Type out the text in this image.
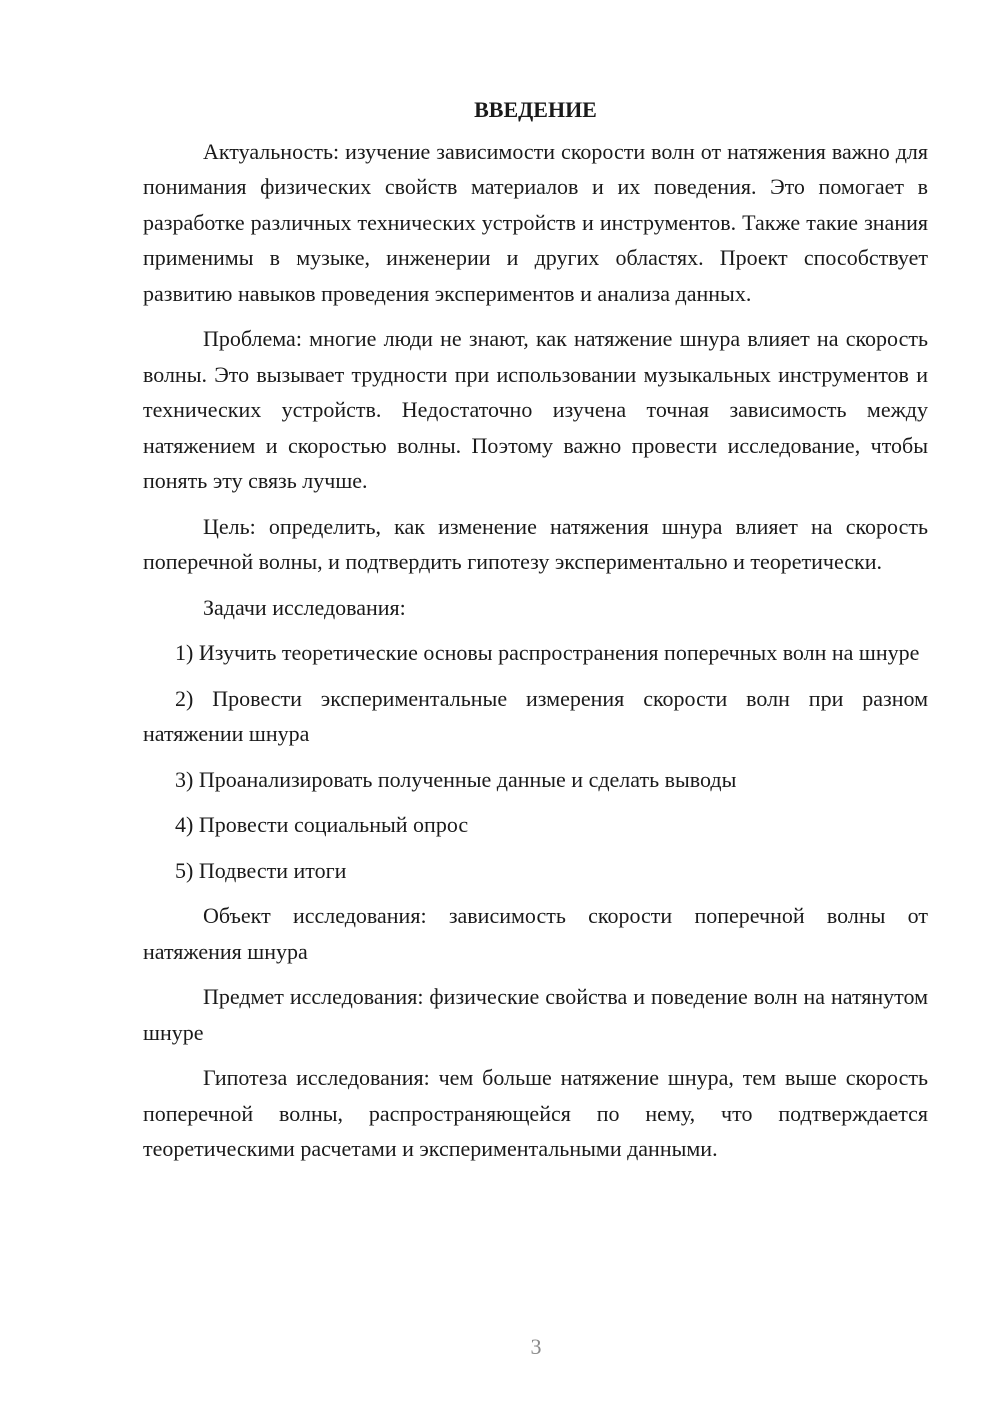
ВВЕДЕНИЕ

Актуальность: изучение зависимости скорости волн от натяжения важно для понимания физических свойств материалов и их поведения. Это помогает в разработке различных технических устройств и инструментов. Также такие знания применимы в музыке, инженерии и других областях. Проект способствует развитию навыков проведения экспериментов и анализа данных.

Проблема: многие люди не знают, как натяжение шнура влияет на скорость волны. Это вызывает трудности при использовании музыкальных инструментов и технических устройств. Недостаточно изучена точная зависимость между натяжением и скоростью волны. Поэтому важно провести исследование, чтобы понять эту связь лучше.

Цель: определить, как изменение натяжения шнура влияет на скорость поперечной волны, и подтвердить гипотезу экспериментально и теоретически.

Задачи исследования:

1) Изучить теоретические основы распространения поперечных волн на шнуре

2) Провести экспериментальные измерения скорости волн при разном натяжении шнура

3) Проанализировать полученные данные и сделать выводы

4) Провести социальный опрос

5) Подвести итоги

Объект исследования: зависимость скорости поперечной волны от натяжения шнура

Предмет исследования: физические свойства и поведение волн на натянутом шнуре

Гипотеза исследования: чем больше натяжение шнура, тем выше скорость поперечной волны, распространяющейся по нему, что подтверждается теоретическими расчетами и экспериментальными данными.

3
